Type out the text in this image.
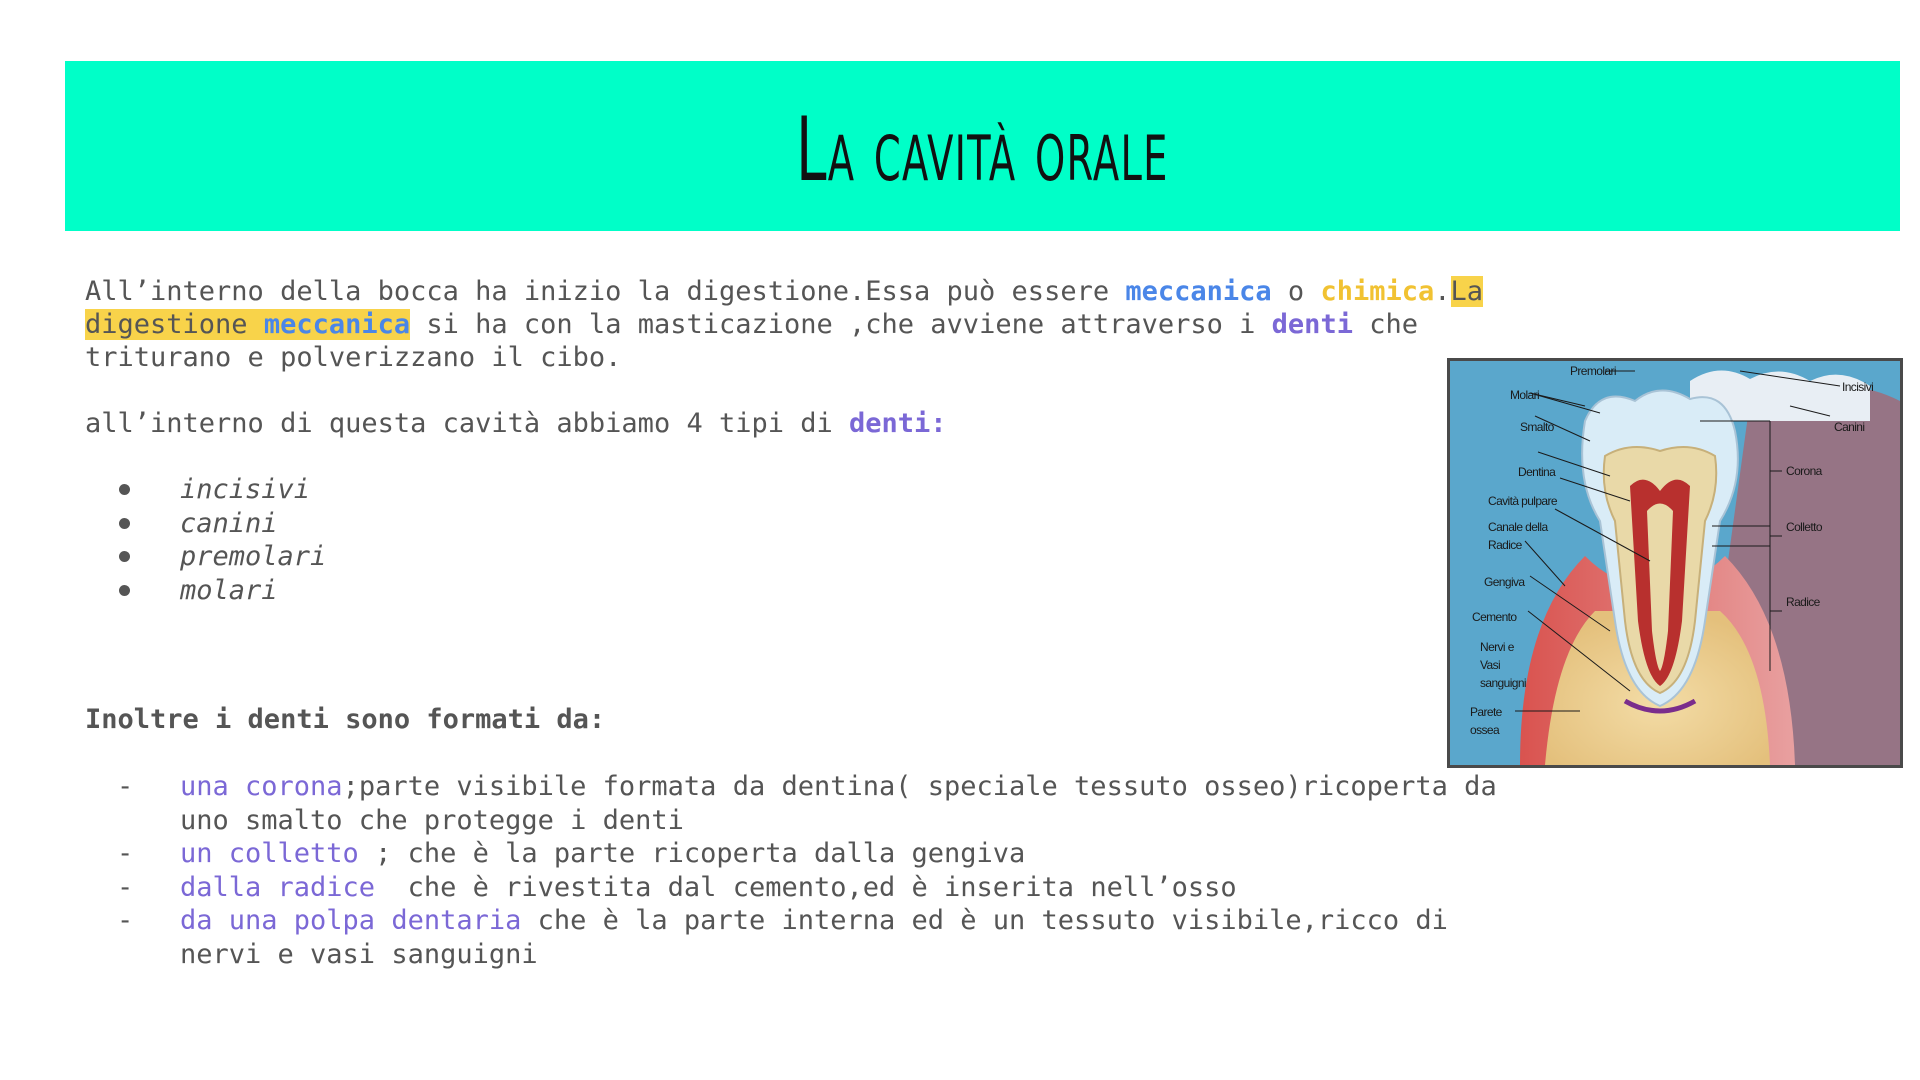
La cavità orale
All’interno della bocca ha inizio la digestione.Essa può essere meccanica o chimica.La
digestione meccanica si ha con la masticazione ,che avviene attraverso i denti che
triturano e polverizzano il cibo.
all’interno di questa cavità abbiamo 4 tipi di denti:
incisivi
canini
premolari
molari
Inoltre i denti sono formati da:
-	una corona;parte visibile formata da dentina( speciale tessuto osseo)ricoperta da
uno smalto che protegge i denti
-	un colletto ; che è la parte ricoperta dalla gengiva
-	dalla radice  che è rivestita dal cemento,ed è inserita nell’osso
-	da una polpa dentaria che è la parte interna ed è un tessuto visibile,ricco di
nervi e vasi sanguigni
Premolari
Incisivi
Molari
Canini
Smalto
Corona
Dentina
Cavità pulpare
Colletto
Canale della
Radice
Gengiva
Radice
Cemento
Nervi e
Vasi
sanguigni
Parete
ossea
